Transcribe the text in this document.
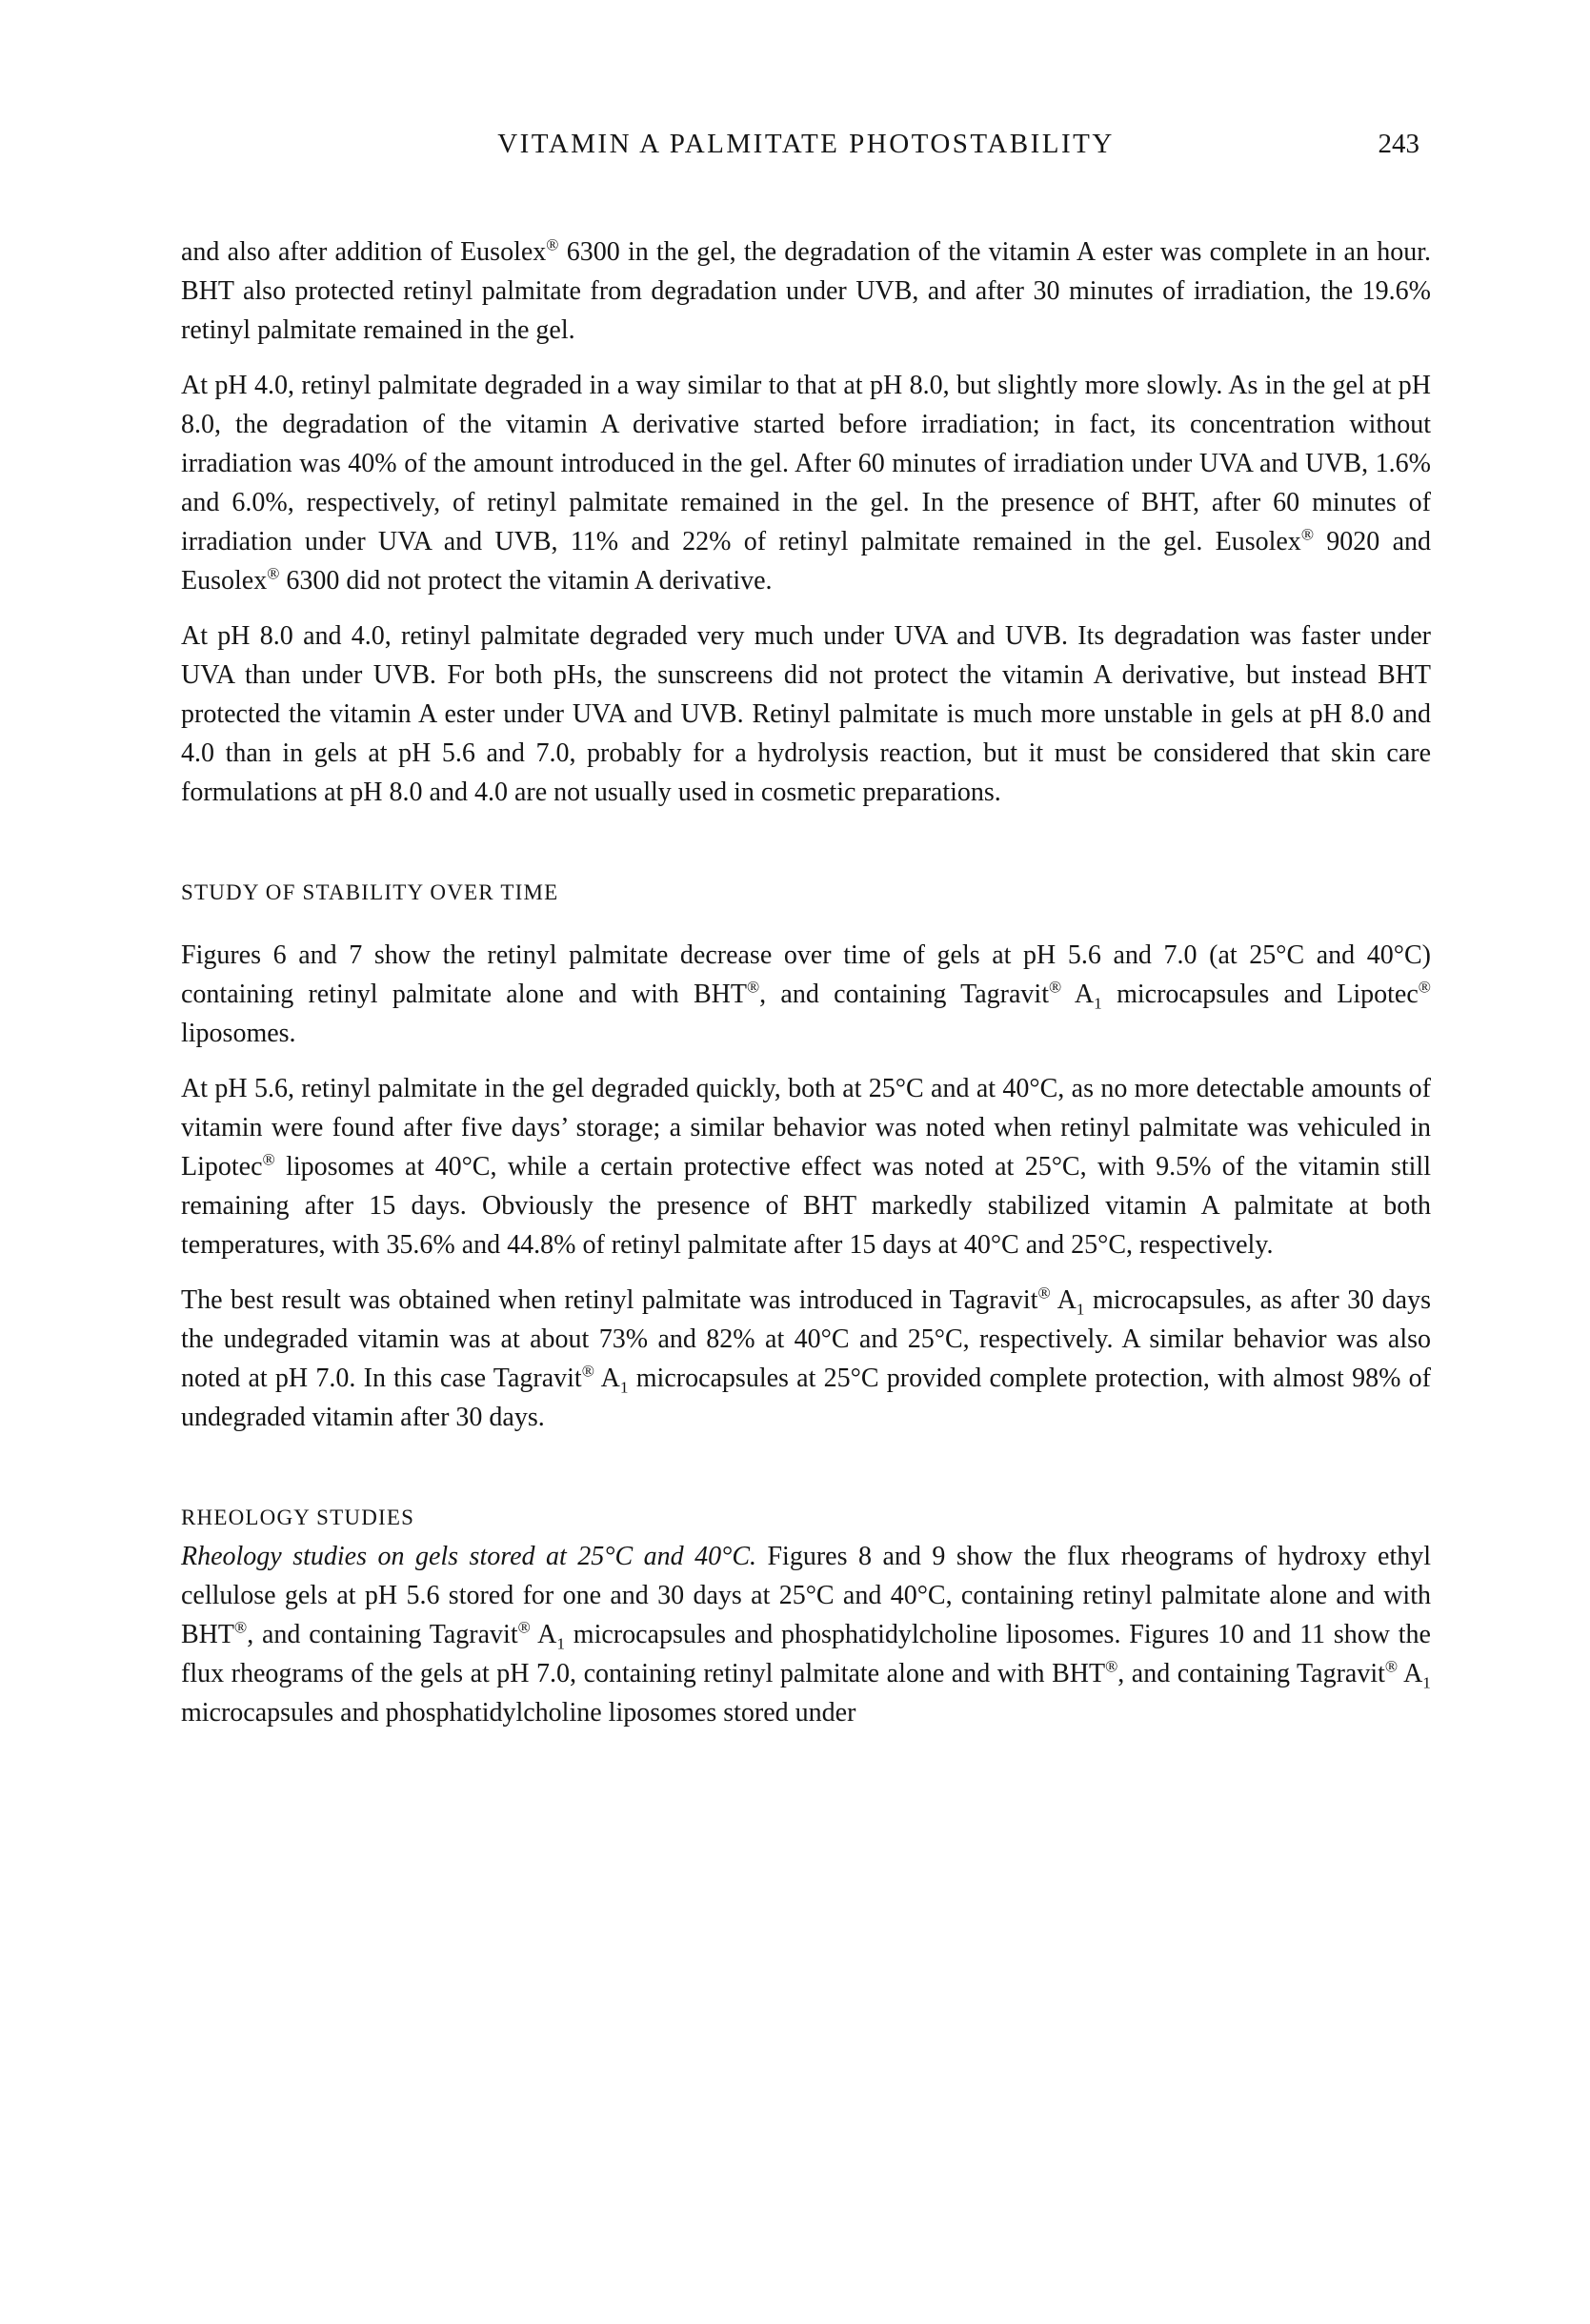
VITAMIN A PALMITATE PHOTOSTABILITY	243

and also after addition of Eusolex® 6300 in the gel, the degradation of the vitamin A ester was complete in an hour. BHT also protected retinyl palmitate from degradation under UVB, and after 30 minutes of irradiation, the 19.6% retinyl palmitate remained in the gel.

At pH 4.0, retinyl palmitate degraded in a way similar to that at pH 8.0, but slightly more slowly. As in the gel at pH 8.0, the degradation of the vitamin A derivative started before irradiation; in fact, its concentration without irradiation was 40% of the amount introduced in the gel. After 60 minutes of irradiation under UVA and UVB, 1.6% and 6.0%, respectively, of retinyl palmitate remained in the gel. In the presence of BHT, after 60 minutes of irradiation under UVA and UVB, 11% and 22% of retinyl palmitate remained in the gel. Eusolex® 9020 and Eusolex® 6300 did not protect the vitamin A derivative.

At pH 8.0 and 4.0, retinyl palmitate degraded very much under UVA and UVB. Its degradation was faster under UVA than under UVB. For both pHs, the sunscreens did not protect the vitamin A derivative, but instead BHT protected the vitamin A ester under UVA and UVB. Retinyl palmitate is much more unstable in gels at pH 8.0 and 4.0 than in gels at pH 5.6 and 7.0, probably for a hydrolysis reaction, but it must be considered that skin care formulations at pH 8.0 and 4.0 are not usually used in cosmetic preparations.

STUDY OF STABILITY OVER TIME

Figures 6 and 7 show the retinyl palmitate decrease over time of gels at pH 5.6 and 7.0 (at 25°C and 40°C) containing retinyl palmitate alone and with BHT®, and containing Tagravit® $A_1$ microcapsules and Lipotec® liposomes.

At pH 5.6, retinyl palmitate in the gel degraded quickly, both at 25°C and at 40°C, as no more detectable amounts of vitamin were found after five days’ storage; a similar behavior was noted when retinyl palmitate was vehiculed in Lipotec® liposomes at 40°C, while a certain protective effect was noted at 25°C, with 9.5% of the vitamin still remaining after 15 days. Obviously the presence of BHT markedly stabilized vitamin A palmitate at both temperatures, with 35.6% and 44.8% of retinyl palmitate after 15 days at 40°C and 25°C, respectively.

The best result was obtained when retinyl palmitate was introduced in Tagravit® $A_1$ microcapsules, as after 30 days the undegraded vitamin was at about 73% and 82% at 40°C and 25°C, respectively. A similar behavior was also noted at pH 7.0. In this case Tagravit® $A_1$ microcapsules at 25°C provided complete protection, with almost 98% of undegraded vitamin after 30 days.

RHEOLOGY STUDIES

Rheology studies on gels stored at 25°C and 40°C. Figures 8 and 9 show the flux rheograms of hydroxy ethyl cellulose gels at pH 5.6 stored for one and 30 days at 25°C and 40°C, containing retinyl palmitate alone and with BHT®, and containing Tagravit® $A_1$ microcapsules and phosphatidylcholine liposomes. Figures 10 and 11 show the flux rheograms of the gels at pH 7.0, containing retinyl palmitate alone and with BHT®, and containing Tagravit® $A_1$ microcapsules and phosphatidylcholine liposomes stored under
